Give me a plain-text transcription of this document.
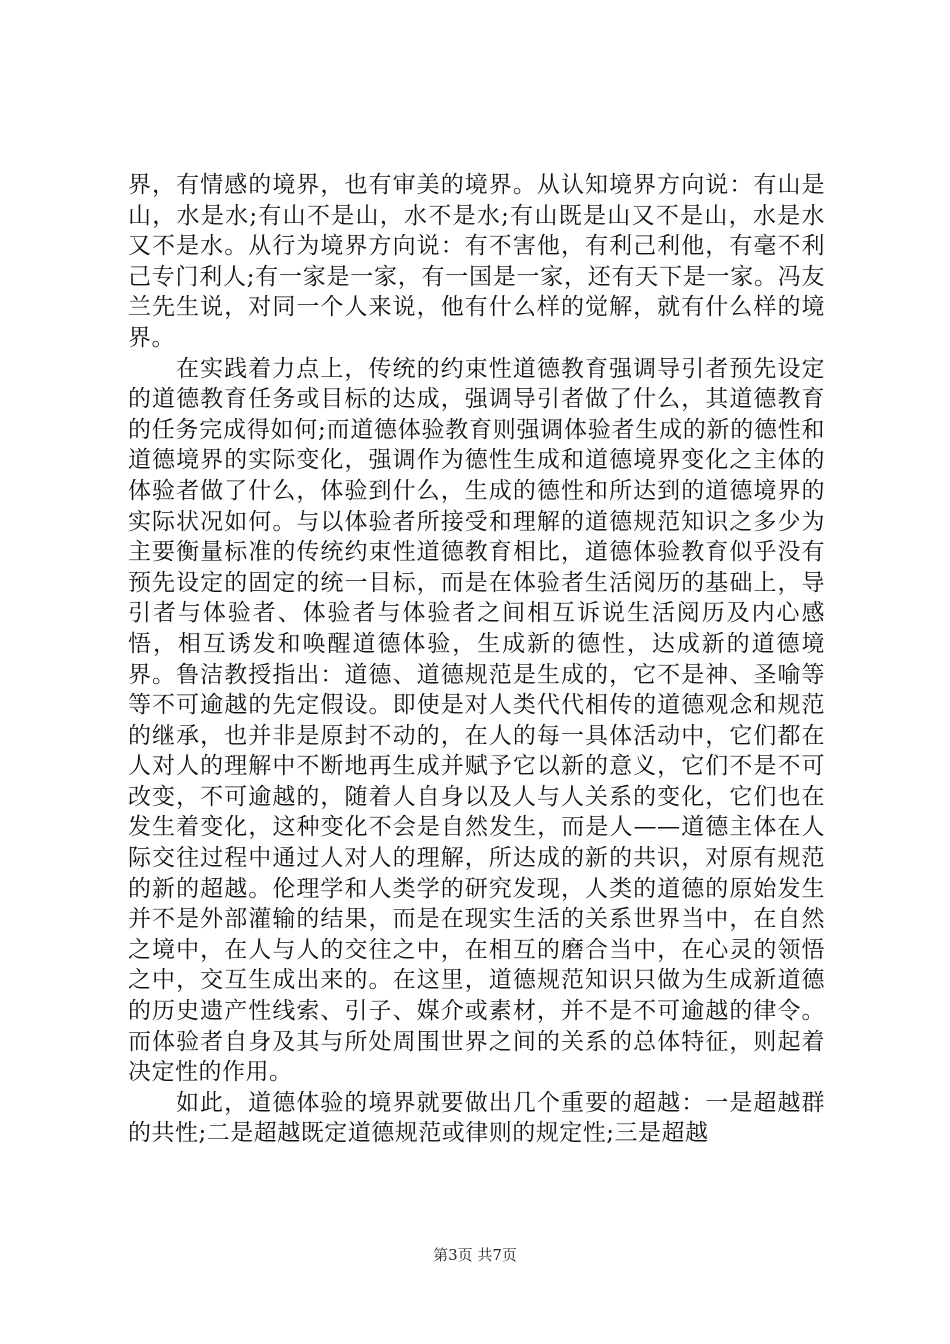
界，有情感的境界，也有审美的境界。从认知境界方向说：有山是山，水是水;有山不是山，水不是水;有山既是山又不是山，水是水又不是水。从行为境界方向说：有不害他，有利己利他，有毫不利己专门利人;有一家是一家，有一国是一家，还有天下是一家。冯友兰先生说，对同一个人来说，他有什么样的觉解，就有什么样的境界。

在实践着力点上，传统的约束性道德教育强调导引者预先设定的道德教育任务或目标的达成，强调导引者做了什么，其道德教育的任务完成得如何;而道德体验教育则强调体验者生成的新的德性和道德境界的实际变化，强调作为德性生成和道德境界变化之主体的体验者做了什么，体验到什么，生成的德性和所达到的道德境界的实际状况如何。与以体验者所接受和理解的道德规范知识之多少为主要衡量标准的传统约束性道德教育相比，道德体验教育似乎没有预先设定的固定的统一目标，而是在体验者生活阅历的基础上，导引者与体验者、体验者与体验者之间相互诉说生活阅历及内心感悟，相互诱发和唤醒道德体验，生成新的德性，达成新的道德境界。鲁洁教授指出：道德、道德规范是生成的，它不是神、圣喻等等不可逾越的先定假设。即使是对人类代代相传的道德观念和规范的继承，也并非是原封不动的，在人的每一具体活动中，它们都在人对人的理解中不断地再生成并赋予它以新的意义，它们不是不可改变，不可逾越的，随着人自身以及人与人关系的变化，它们也在发生着变化，这种变化不会是自然发生，而是人——道德主体在人际交往过程中通过人对人的理解，所达成的新的共识，对原有规范的新的超越。伦理学和人类学的研究发现，人类的道德的原始发生并不是外部灌输的结果，而是在现实生活的关系世界当中，在自然之境中，在人与人的交往之中，在相互的磨合当中，在心灵的领悟之中，交互生成出来的。在这里，道德规范知识只做为生成新道德的历史遗产性线索、引子、媒介或素材，并不是不可逾越的律令。而体验者自身及其与所处周围世界之间的关系的总体特征，则起着决定性的作用。

如此，道德体验的境界就要做出几个重要的超越：一是超越群的共性;二是超越既定道德规范或律则的规定性;三是超越

第3页 共7页
